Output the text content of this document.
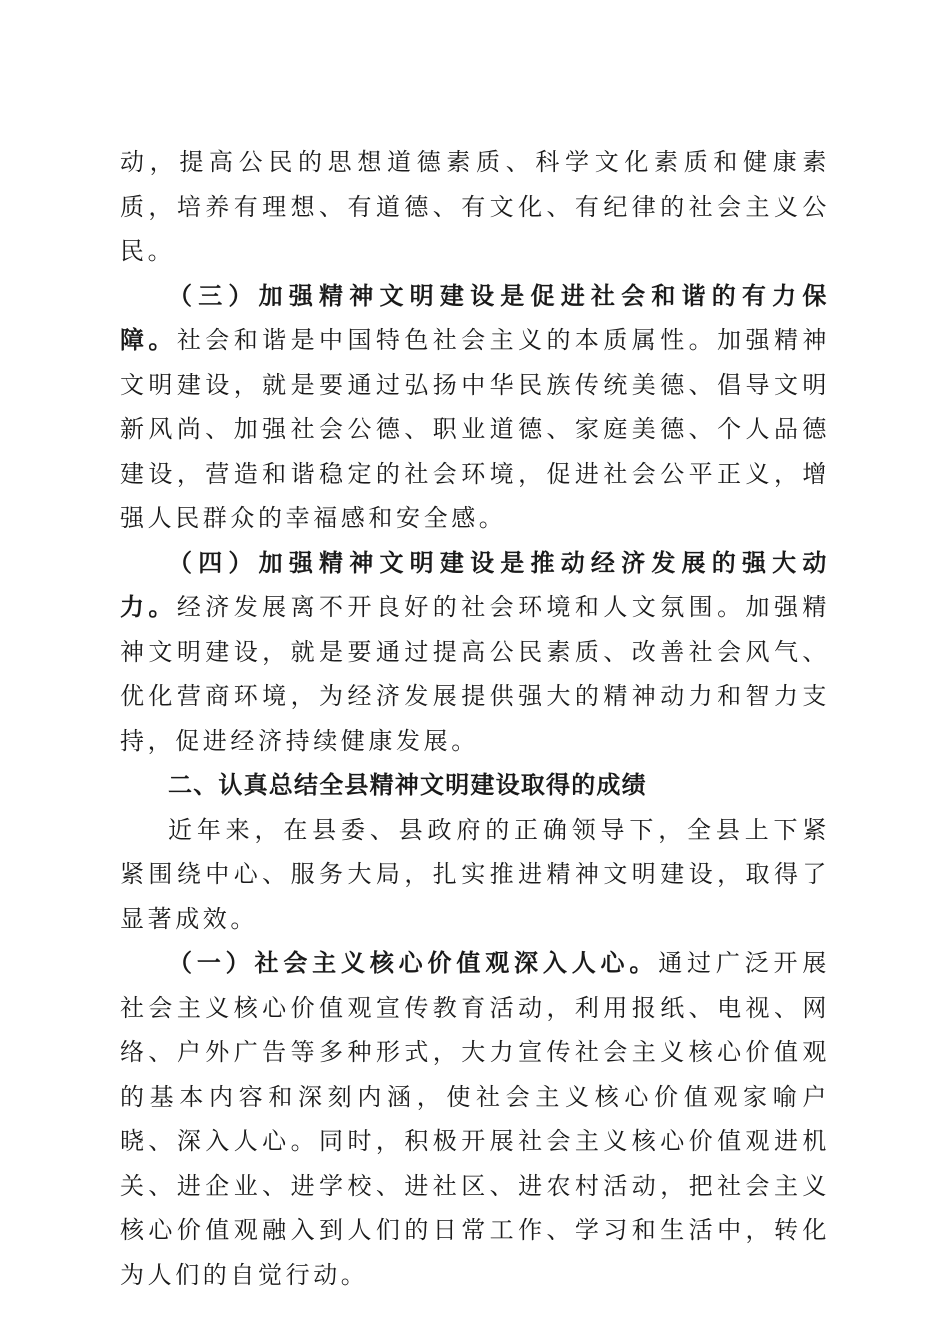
动，提高公民的思想道德素质、科学文化素质和健康素质，培养有理想、有道德、有文化、有纪律的社会主义公民。

（三）加强精神文明建设是促进社会和谐的有力保障。社会和谐是中国特色社会主义的本质属性。加强精神文明建设，就是要通过弘扬中华民族传统美德、倡导文明新风尚、加强社会公德、职业道德、家庭美德、个人品德建设，营造和谐稳定的社会环境，促进社会公平正义，增强人民群众的幸福感和安全感。

（四）加强精神文明建设是推动经济发展的强大动力。经济发展离不开良好的社会环境和人文氛围。加强精神文明建设，就是要通过提高公民素质、改善社会风气、优化营商环境，为经济发展提供强大的精神动力和智力支持，促进经济持续健康发展。

二、认真总结全县精神文明建设取得的成绩

近年来，在县委、县政府的正确领导下，全县上下紧紧围绕中心、服务大局，扎实推进精神文明建设，取得了显著成效。

（一）社会主义核心价值观深入人心。通过广泛开展社会主义核心价值观宣传教育活动，利用报纸、电视、网络、户外广告等多种形式，大力宣传社会主义核心价值观的基本内容和深刻内涵，使社会主义核心价值观家喻户晓、深入人心。同时，积极开展社会主义核心价值观进机关、进企业、进学校、进社区、进农村活动，把社会主义核心价值观融入到人们的日常工作、学习和生活中，转化为人们的自觉行动。
